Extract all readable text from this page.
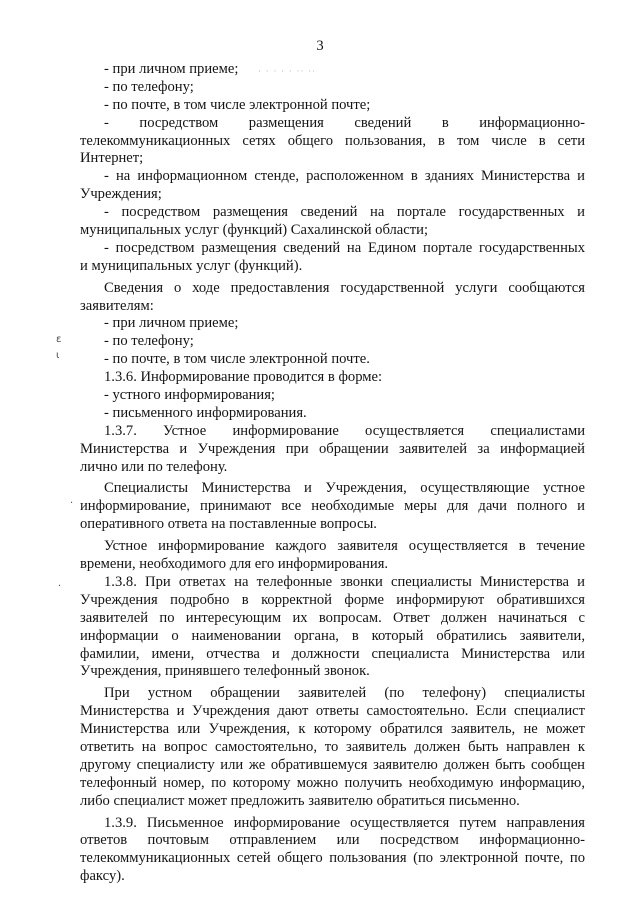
3
· · · · · ·· ··
ε
ι
·
·
- при личном приеме;
- по телефону;
- по почте, в том числе электронной почте;
- посредством размещения сведений в информационно-
телекоммуникационных сетях общего пользования, в том числе в сети
Интернет;
- на информационном стенде, расположенном в зданиях Министерства и
Учреждения;
- посредством размещения сведений на портале государственных и
муниципальных услуг (функций) Сахалинской области;
- посредством размещения сведений на Едином портале государственных
и муниципальных услуг (функций).
Сведения о ходе предоставления государственной услуги сообщаются
заявителям:
- при личном приеме;
- по телефону;
- по почте, в том числе электронной почте.
1.3.6. Информирование проводится в форме:
- устного информирования;
- письменного информирования.
1.3.7. Устное информирование осуществляется специалистами
Министерства и Учреждения при обращении заявителей за информацией
лично или по телефону.
Специалисты Министерства и Учреждения, осуществляющие устное
информирование, принимают все необходимые меры для дачи полного и
оперативного ответа на поставленные вопросы.
Устное информирование каждого заявителя осуществляется в течение
времени, необходимого для его информирования.
1.3.8. При ответах на телефонные звонки специалисты Министерства и
Учреждения подробно в корректной форме информируют обратившихся
заявителей по интересующим их вопросам. Ответ должен начинаться с
информации о наименовании органа, в который обратились заявители,
фамилии, имени, отчества и должности специалиста Министерства или
Учреждения, принявшего телефонный звонок.
При устном обращении заявителей (по телефону) специалисты
Министерства и Учреждения дают ответы самостоятельно. Если специалист
Министерства или Учреждения, к которому обратился заявитель, не может
ответить на вопрос самостоятельно, то заявитель должен быть направлен к
другому специалисту или же обратившемуся заявителю должен быть сообщен
телефонный номер, по которому можно получить необходимую информацию,
либо специалист может предложить заявителю обратиться письменно.
1.3.9. Письменное информирование осуществляется путем направления
ответов почтовым отправлением или посредством информационно-
телекоммуникационных сетей общего пользования (по электронной почте, по
факсу).
